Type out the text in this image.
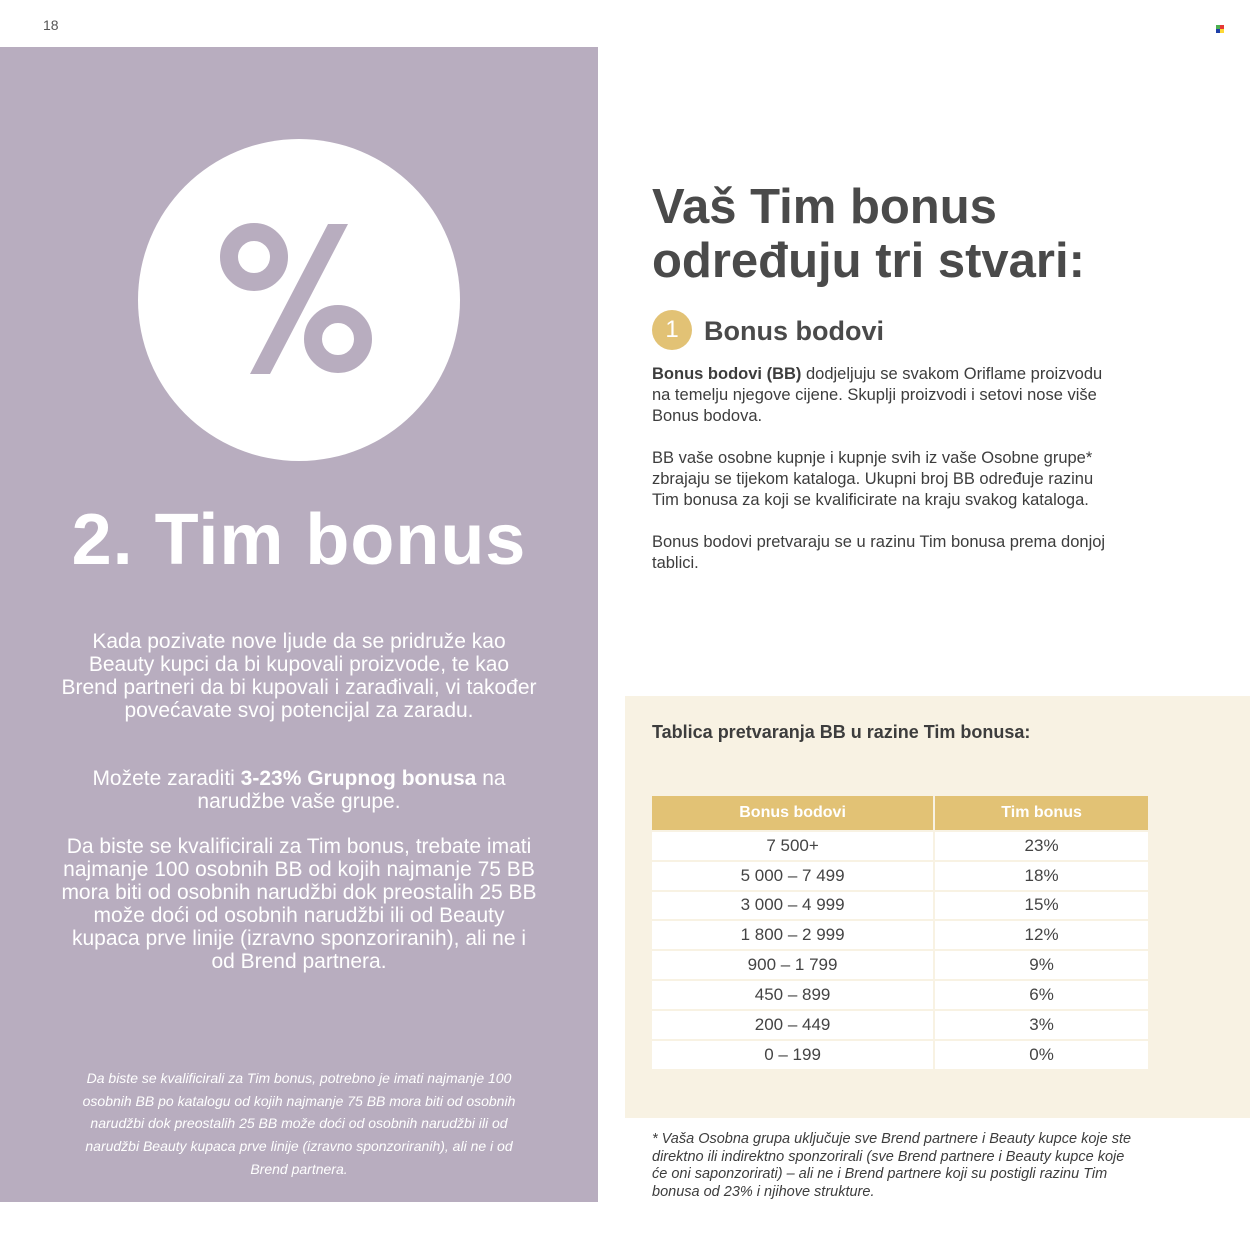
18
2. Tim bonus
Kada pozivate nove ljude da se pridruže kao Beauty kupci da bi kupovali proizvode, te kao Brend partneri da bi kupovali i zarađivali, vi također povećavate svoj potencijal za zaradu.
Možete zaraditi 3-23% Grupnog bonusa na narudžbe vaše grupe.
Da biste se kvalificirali za Tim bonus, trebate imati najmanje 100 osobnih BB od kojih najmanje 75 BB mora biti od osobnih narudžbi dok preostalih 25 BB može doći od osobnih narudžbi ili od Beauty kupaca prve linije (izravno sponzoriranih), ali ne i od Brend partnera.
Da biste se kvalificirali za Tim bonus, potrebno je imati najmanje 100 osobnih BB po katalogu od kojih najmanje 75 BB mora biti od osobnih narudžbi dok preostalih 25 BB može doći od osobnih narudžbi ili od narudžbi Beauty kupaca prve linije (izravno sponzoriranih), ali ne i od Brend partnera.
Vaš Tim bonus
određuju tri stvari:
1 Bonus bodovi
Bonus bodovi (BB) dodjeljuju se svakom Oriflame proizvodu na temelju njegove cijene. Skuplji proizvodi i setovi nose više Bonus bodova.
BB vaše osobne kupnje i kupnje svih iz vaše Osobne grupe* zbrajaju se tijekom kataloga. Ukupni broj BB određuje razinu Tim bonusa za koji se kvalificirate na kraju svakog kataloga.
Bonus bodovi pretvaraju se u razinu Tim bonusa prema donjoj tablici.
Tablica pretvaranja BB u razine Tim bonusa:
Bonus bodovi	Tim bonus
7 500+	23%
5 000 – 7 499	18%
3 000 – 4 999	15%
1 800 – 2 999	12%
900 – 1 799	9%
450 – 899	6%
200 – 449	3%
0 – 199	0%
* Vaša Osobna grupa uključuje sve Brend partnere i Beauty kupce koje ste direktno ili indirektno sponzorirali (sve Brend partnere i Beauty kupce koje će oni saponzorirati) – ali ne i Brend partnere koji su postigli razinu Tim bonusa od 23% i njihove strukture.
